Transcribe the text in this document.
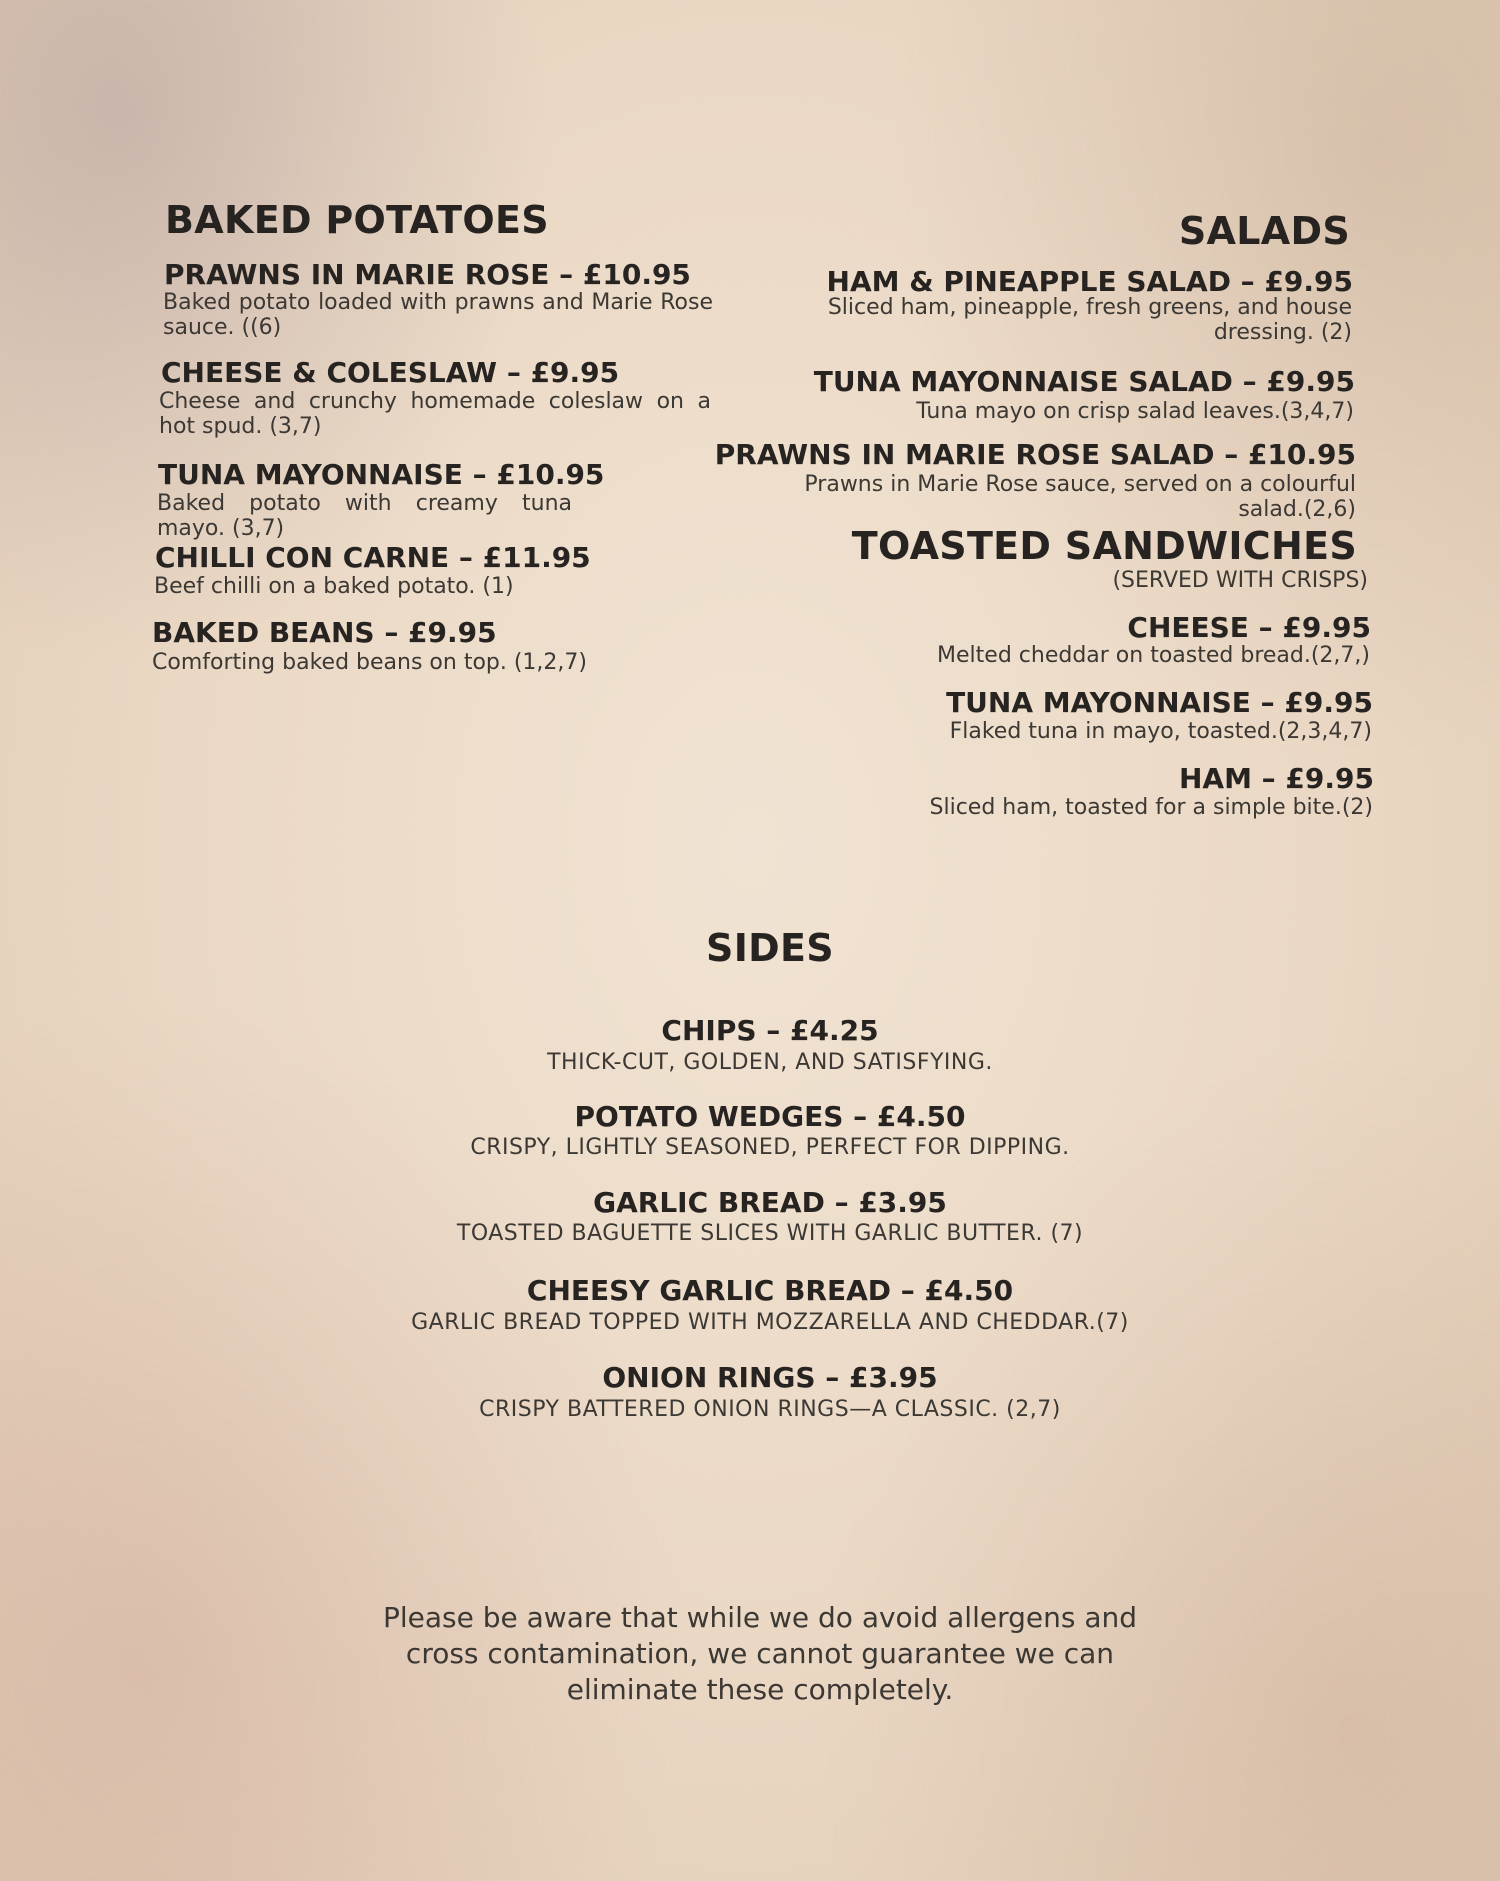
BAKED POTATOES
PRAWNS IN MARIE ROSE – £10.95
Baked potato loaded with prawns and Marie Rose sauce. ((6)
CHEESE & COLESLAW – £9.95
Cheese and crunchy homemade coleslaw on a hot spud. (3,7)
TUNA MAYONNAISE – £10.95
Baked potato with creamy tuna mayo. (3,7)
CHILLI CON CARNE – £11.95
Beef chilli on a baked potato. (1)
BAKED BEANS – £9.95
Comforting baked beans on top. (1,2,7)
SALADS
HAM & PINEAPPLE SALAD – £9.95
Sliced ham, pineapple, fresh greens, and house dressing. (2)
TUNA MAYONNAISE SALAD – £9.95
Tuna mayo on crisp salad leaves.(3,4,7)
PRAWNS IN MARIE ROSE SALAD – £10.95
Prawns in Marie Rose sauce, served on a colourful salad.(2,6)
TOASTED SANDWICHES
(SERVED WITH CRISPS)
CHEESE – £9.95
Melted cheddar on toasted bread.(2,7,)
TUNA MAYONNAISE – £9.95
Flaked tuna in mayo, toasted.(2,3,4,7)
HAM – £9.95
Sliced ham, toasted for a simple bite.(2)
SIDES
CHIPS – £4.25
THICK-CUT, GOLDEN, AND SATISFYING.
POTATO WEDGES – £4.50
CRISPY, LIGHTLY SEASONED, PERFECT FOR DIPPING.
GARLIC BREAD – £3.95
TOASTED BAGUETTE SLICES WITH GARLIC BUTTER. (7)
CHEESY GARLIC BREAD – £4.50
GARLIC BREAD TOPPED WITH MOZZARELLA AND CHEDDAR.(7)
ONION RINGS – £3.95
CRISPY BATTERED ONION RINGS—A CLASSIC. (2,7)
Please be aware that while we do avoid allergens and cross contamination, we cannot guarantee we can eliminate these completely.
